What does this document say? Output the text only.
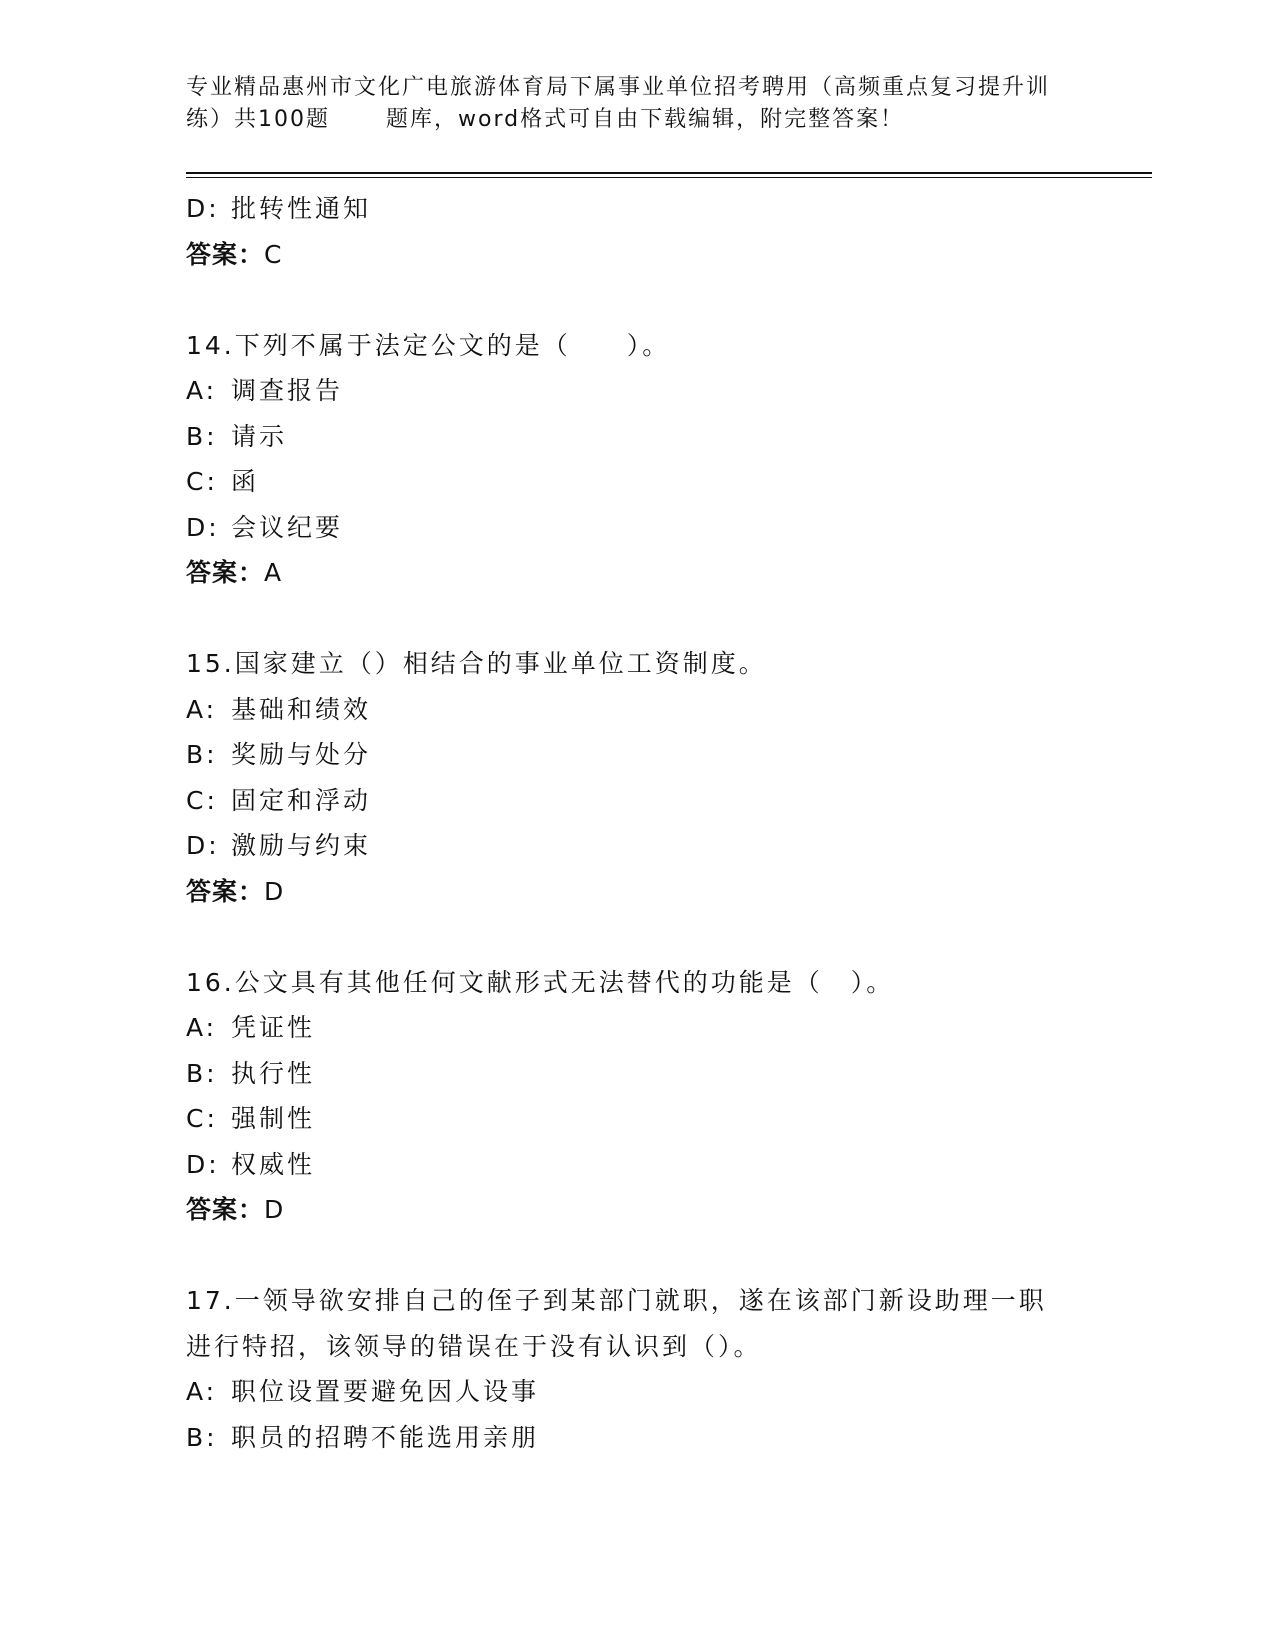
专业精品惠州市文化广电旅游体育局下属事业单位招考聘用（高频重点复习提升训
练）共100题	题库，word格式可自由下载编辑，附完整答案！
D: 批转性通知
答案：C
14.下列不属于法定公文的是（　　）。
A: 调查报告
B: 请示
C: 函
D: 会议纪要
答案：A
15.国家建立（）相结合的事业单位工资制度。
A: 基础和绩效
B: 奖励与处分
C: 固定和浮动
D: 激励与约束
答案：D
16.公文具有其他任何文献形式无法替代的功能是（　）。
A: 凭证性
B: 执行性
C: 强制性
D: 权威性
答案：D
17.一领导欲安排自己的侄子到某部门就职，遂在该部门新设助理一职
进行特招，该领导的错误在于没有认识到（）。
A: 职位设置要避免因人设事
B: 职员的招聘不能选用亲朋
